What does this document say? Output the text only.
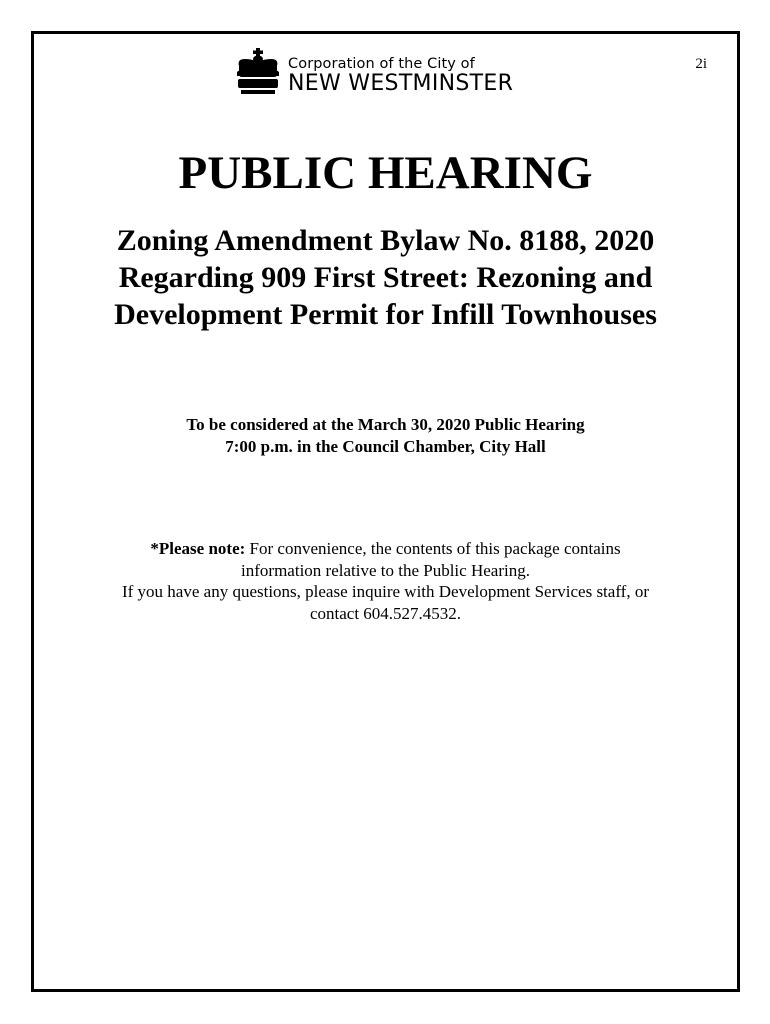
2i
Corporation of the City of
NEW WESTMINSTER
PUBLIC HEARING
Zoning Amendment Bylaw No. 8188, 2020
Regarding 909 First Street: Rezoning and
Development Permit for Infill Townhouses
To be considered at the March 30, 2020 Public Hearing
7:00 p.m. in the Council Chamber, City Hall
*Please note: For convenience, the contents of this package contains
information relative to the Public Hearing.
If you have any questions, please inquire with Development Services staff, or
contact 604.527.4532.
